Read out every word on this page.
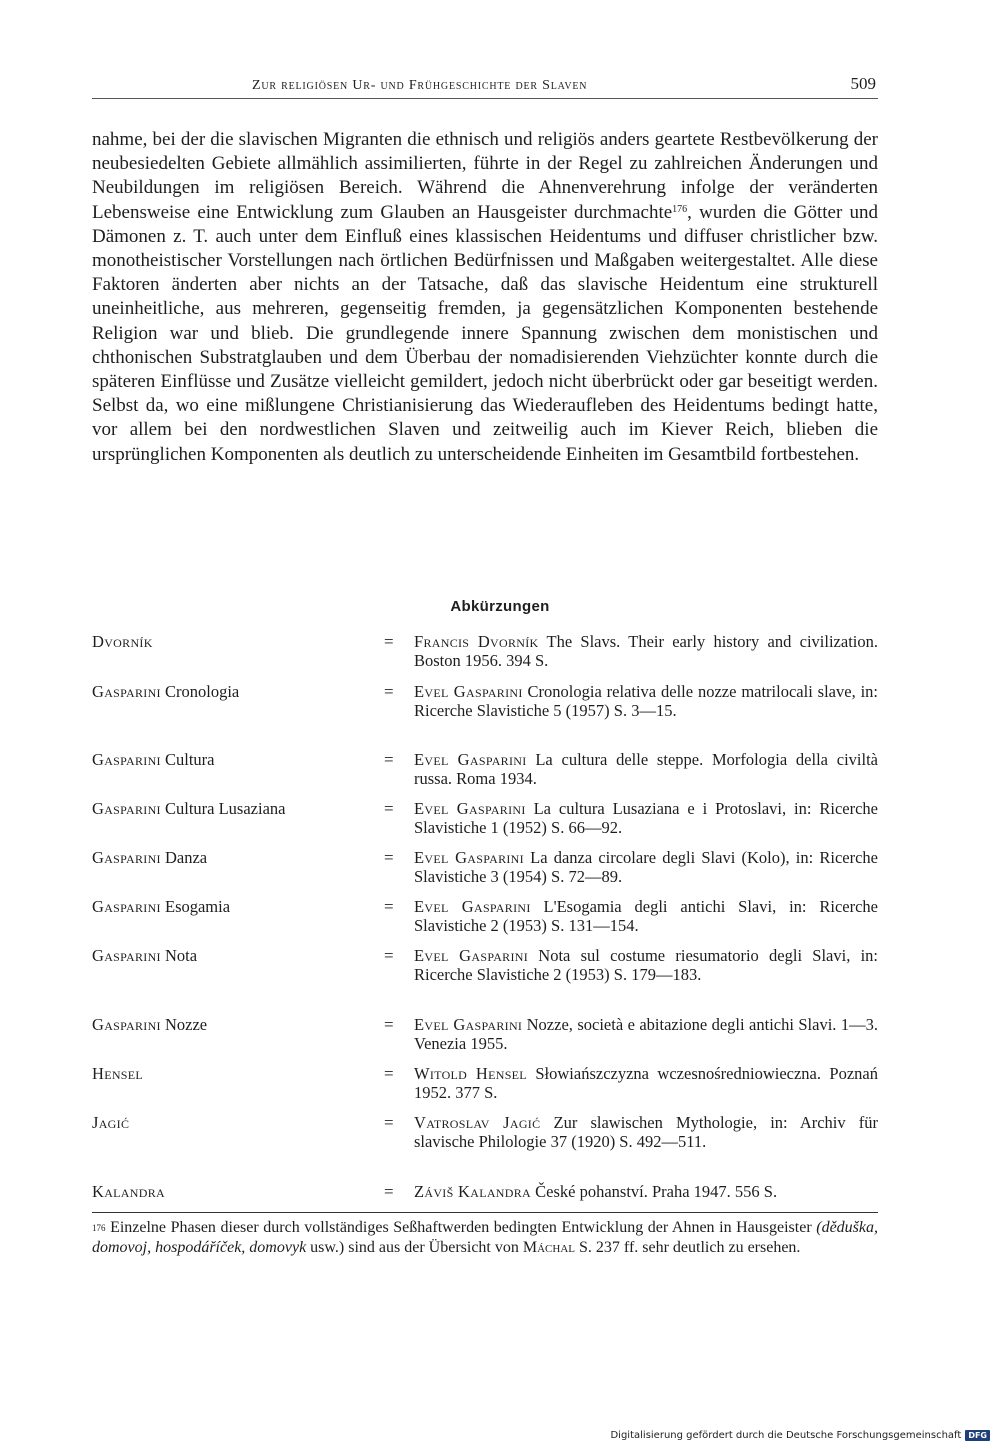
Zur religiösen Ur- und Frühgeschichte der Slaven	509
nahme, bei der die slavischen Migranten die ethnisch und religiös anders geartete Restbevölkerung der neubesiedelten Gebiete allmählich assimilierten, führte in der Regel zu zahlreichen Änderungen und Neubildungen im religiösen Bereich. Während die Ahnenverehrung infolge der veränderten Lebensweise eine Entwicklung zum Glauben an Hausgeister durchmachte$^{176}$, wurden die Götter und Dämonen z. T. auch unter dem Einfluß eines klassischen Heidentums und diffuser christlicher bzw. monotheistischer Vorstellungen nach örtlichen Bedürfnissen und Maßgaben weitergestaltet. Alle diese Faktoren änderten aber nichts an der Tatsache, daß das slavische Heidentum eine strukturell uneinheitliche, aus mehreren, gegenseitig fremden, ja gegensätzlichen Komponenten bestehende Religion war und blieb. Die grundlegende innere Spannung zwischen dem monistischen und chthonischen Substratglauben und dem Überbau der nomadisierenden Viehzüchter konnte durch die späteren Einflüsse und Zusätze vielleicht gemildert, jedoch nicht überbrückt oder gar beseitigt werden. Selbst da, wo eine mißlungene Christianisierung das Wiederaufleben des Heidentums bedingt hatte, vor allem bei den nordwestlichen Slaven und zeitweilig auch im Kiever Reich, blieben die ursprünglichen Komponenten als deutlich zu unterscheidende Einheiten im Gesamtbild fortbestehen.
Abkürzungen
Dvorník	= Francis Dvorník The Slavs. Their early history and civilization. Boston 1956. 394 S.
Gasparini Cronologia	= Evel Gasparini Cronologia relativa delle nozze matrilocali slave, in: Ricerche Slavistiche 5 (1957) S. 3—15.
Gasparini Cultura	= Evel Gasparini La cultura delle steppe. Morfologia della civiltà russa. Roma 1934.
Gasparini Cultura Lusaziana	= Evel Gasparini La cultura Lusaziana e i Protoslavi, in: Ricerche Slavistiche 1 (1952) S. 66—92.
Gasparini Danza	= Evel Gasparini La danza circolare degli Slavi (Kolo), in: Ricerche Slavistiche 3 (1954) S. 72—89.
Gasparini Esogamia	= Evel Gasparini L'Esogamia degli antichi Slavi, in: Ricerche Slavistiche 2 (1953) S. 131—154.
Gasparini Nota	= Evel Gasparini Nota sul costume riesumatorio degli Slavi, in: Ricerche Slavistiche 2 (1953) S. 179—183.
Gasparini Nozze	= Evel Gasparini Nozze, società e abitazione degli antichi Slavi. 1—3. Venezia 1955.
Hensel	= Witold Hensel Słowiańszczyzna wczesnośredniowieczna. Poznań 1952. 377 S.
Jagić	= Vatroslav Jagić Zur slawischen Mythologie, in: Archiv für slavische Philologie 37 (1920) S. 492—511.
Kalandra	= Záviš Kalandra České pohanství. Praha 1947. 556 S.
$^{176}$ Einzelne Phasen dieser durch vollständiges Seßhaftwerden bedingten Entwicklung der Ahnen in Hausgeister (děduška, domovoj, hospodáříček, domovyk usw.) sind aus der Übersicht von Máchal S. 237 ff. sehr deutlich zu ersehen.
Digitalisierung gefördert durch die Deutsche Forschungsgemeinschaft DFG
